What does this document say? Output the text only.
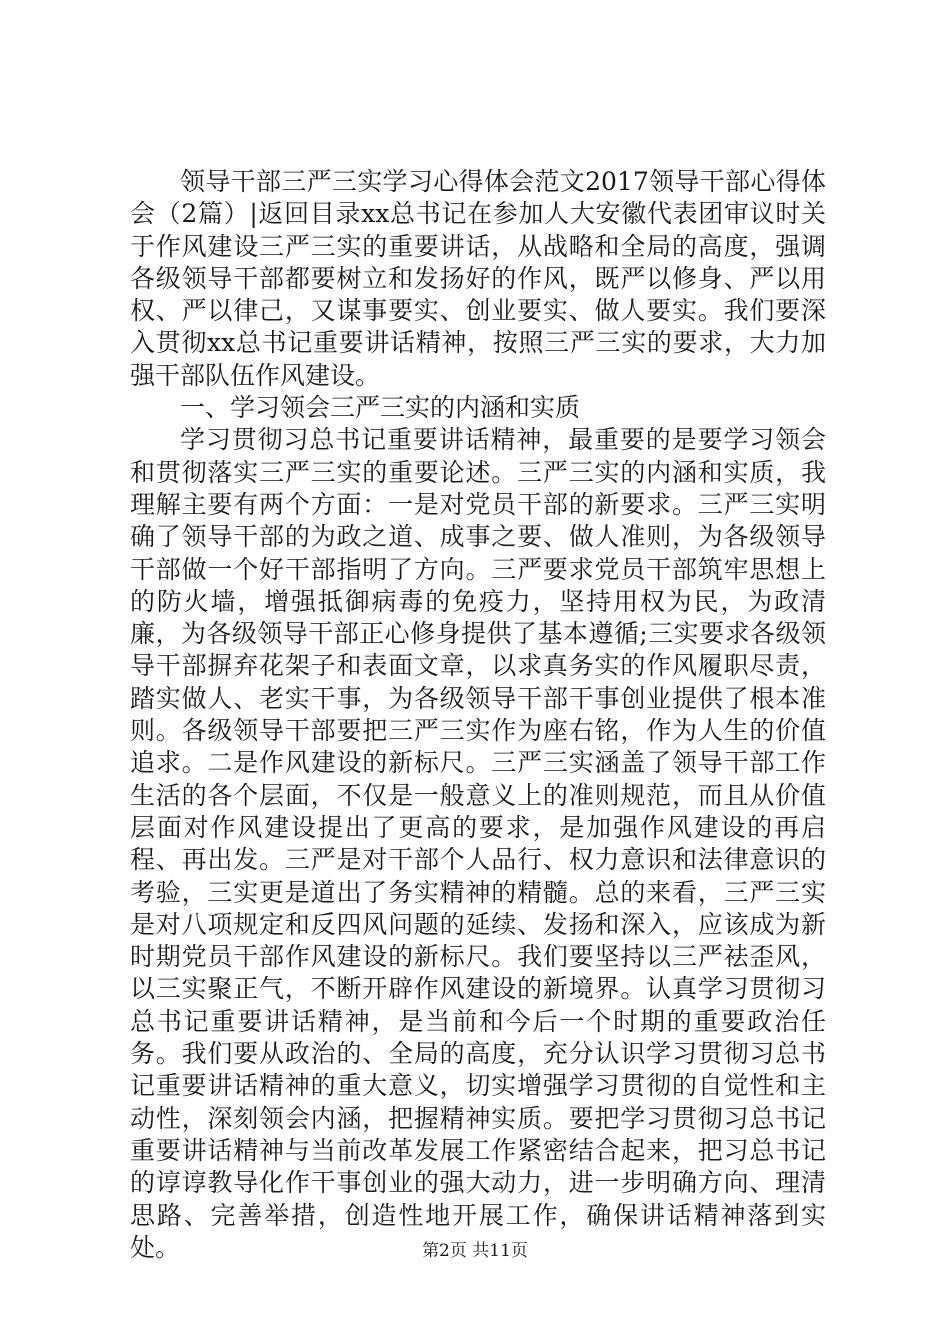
领导干部三严三实学习心得体会范文2017领导干部心得体会（2篇）|返回目录xx总书记在参加人大安徽代表团审议时关于作风建设三严三实的重要讲话，从战略和全局的高度，强调各级领导干部都要树立和发扬好的作风，既严以修身、严以用权、严以律己，又谋事要实、创业要实、做人要实。我们要深入贯彻xx总书记重要讲话精神，按照三严三实的要求，大力加强干部队伍作风建设。

一、学习领会三严三实的内涵和实质

学习贯彻习总书记重要讲话精神，最重要的是要学习领会和贯彻落实三严三实的重要论述。三严三实的内涵和实质，我理解主要有两个方面：一是对党员干部的新要求。三严三实明确了领导干部的为政之道、成事之要、做人准则，为各级领导干部做一个好干部指明了方向。三严要求党员干部筑牢思想上的防火墙，增强抵御病毒的免疫力，坚持用权为民，为政清廉，为各级领导干部正心修身提供了基本遵循;三实要求各级领导干部摒弃花架子和表面文章，以求真务实的作风履职尽责，踏实做人、老实干事，为各级领导干部干事创业提供了根本准则。各级领导干部要把三严三实作为座右铭，作为人生的价值追求。二是作风建设的新标尺。三严三实涵盖了领导干部工作生活的各个层面，不仅是一般意义上的准则规范，而且从价值层面对作风建设提出了更高的要求，是加强作风建设的再启程、再出发。三严是对干部个人品行、权力意识和法律意识的考验，三实更是道出了务实精神的精髓。总的来看，三严三实是对八项规定和反四风问题的延续、发扬和深入，应该成为新时期党员干部作风建设的新标尺。我们要坚持以三严祛歪风，以三实聚正气，不断开辟作风建设的新境界。认真学习贯彻习总书记重要讲话精神，是当前和今后一个时期的重要政治任务。我们要从政治的、全局的高度，充分认识学习贯彻习总书记重要讲话精神的重大意义，切实增强学习贯彻的自觉性和主动性，深刻领会内涵，把握精神实质。要把学习贯彻习总书记重要讲话精神与当前改革发展工作紧密结合起来，把习总书记的谆谆教导化作干事创业的强大动力，进一步明确方向、理清思路、完善举措，创造性地开展工作，确保讲话精神落到实处。	第2页 共11页
